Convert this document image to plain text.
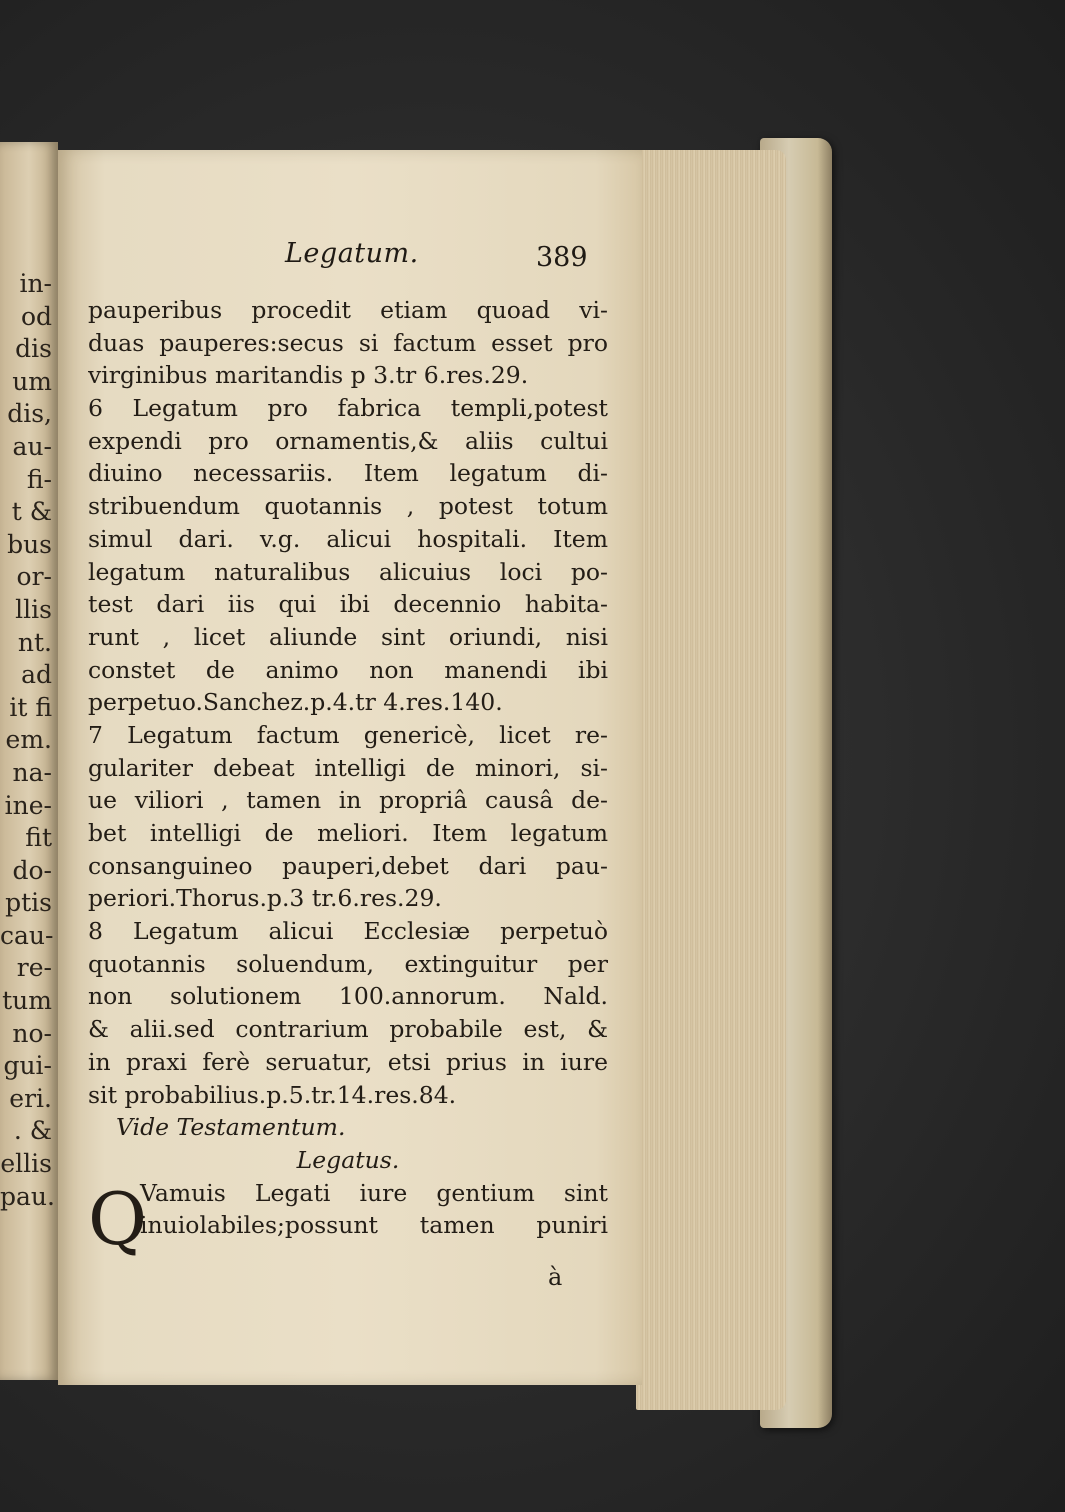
in-
od
dis
um
dis,
au-
fi-
t &
bus
or-
llis
nt.
ad
it fi
em.
na-
ine-
fit
do-
ptis
cau-
re-
tum
no-
gui-
eri.
. &
ellis
pau.
Legatum.	389
pauperibus procedit etiam quoad vi-
duas pauperes:secus si factum esset pro
virginibus maritandis p 3.tr 6.res.29.
6 Legatum pro fabrica templi,potest
expendi pro ornamentis,& aliis cultui
diuino necessariis. Item legatum di-
stribuendum quotannis , potest totum
simul dari. v.g. alicui hospitali. Item
legatum naturalibus alicuius loci po-
test dari iis qui ibi decennio habita-
runt , licet aliunde sint oriundi, nisi
constet de animo non manendi ibi
perpetuo.Sanchez.p.4.tr 4.res.140.
7 Legatum factum genericè, licet re-
gulariter debeat intelligi de minori, si-
ue viliori , tamen in propriâ causâ de-
bet intelligi de meliori. Item legatum
consanguineo pauperi,debet dari pau-
periori.Thorus.p.3 tr.6.res.29.
8 Legatum alicui Ecclesiæ perpetuò
quotannis soluendum, extinguitur per
non solutionem 100.annorum. Nald.
& alii.sed contrarium probabile est, &
in praxi ferè seruatur, etsi prius in iure
sit probabilius.p.5.tr.14.res.84.
Vide Testamentum.
Legatus.
Vamuis Legati iure gentium sint
inuiolabiles;possunt tamen puniri
Q
à
